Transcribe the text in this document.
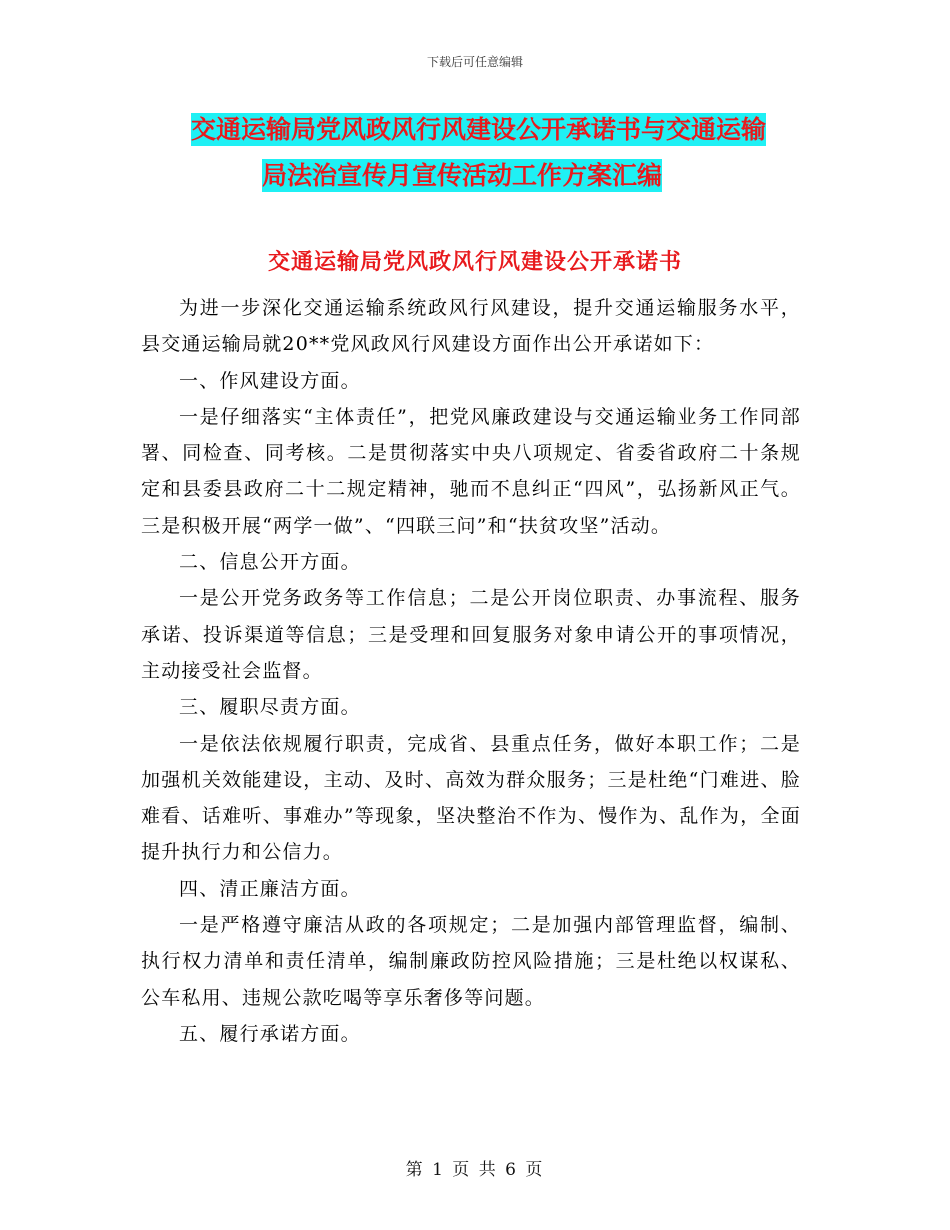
下载后可任意编辑
交通运输局党风政风行风建设公开承诺书与交通运输
局法治宣传月宣传活动工作方案汇编
交通运输局党风政风行风建设公开承诺书

为进一步深化交通运输系统政风行风建设，提升交通运输服务水平，县交通运输局就20**党风政风行风建设方面作出公开承诺如下：

一、作风建设方面。

一是仔细落实“主体责任”，把党风廉政建设与交通运输业务工作同部署、同检查、同考核。二是贯彻落实中央八项规定、省委省政府二十条规定和县委县政府二十二规定精神，驰而不息纠正“四风”，弘扬新风正气。三是积极开展“两学一做”、“四联三问”和“扶贫攻坚”活动。

二、信息公开方面。

一是公开党务政务等工作信息；二是公开岗位职责、办事流程、服务承诺、投诉渠道等信息；三是受理和回复服务对象申请公开的事项情况，主动接受社会监督。

三、履职尽责方面。

一是依法依规履行职责，完成省、县重点任务，做好本职工作；二是加强机关效能建设，主动、及时、高效为群众服务；三是杜绝“门难进、脸难看、话难听、事难办”等现象，坚决整治不作为、慢作为、乱作为，全面提升执行力和公信力。

四、清正廉洁方面。

一是严格遵守廉洁从政的各项规定；二是加强内部管理监督，编制、执行权力清单和责任清单，编制廉政防控风险措施；三是杜绝以权谋私、公车私用、违规公款吃喝等享乐奢侈等问题。

五、履行承诺方面。

第 1 页 共 6 页
